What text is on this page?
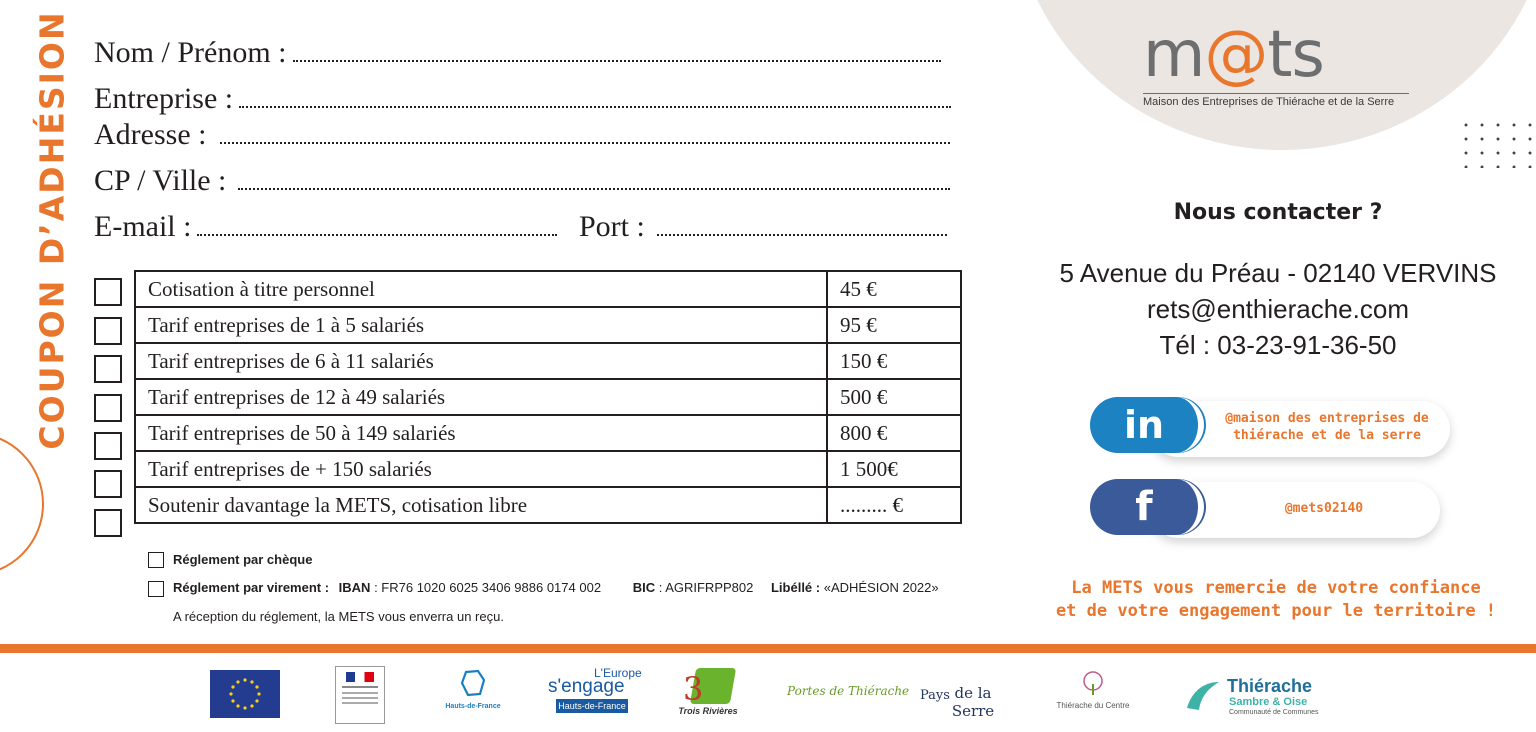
COUPON D’ADHÉSION Nom / Prénom :
Entreprise :
Adresse :
CP / Ville :
E-mail :	Port :
Cotisation à titre personnel	45 €
Tarif entreprises de 1 à 5 salariés	95 €
Tarif entreprises de 6 à 11 salariés	150 €
Tarif entreprises de 12 à 49 salariés	500 €
Tarif entreprises de 50 à 149 salariés	800 €
Tarif entreprises de + 150 salariés	1 500€
Soutenir davantage la METS, cotisation libre	......... €
Réglement par chèque
Réglement par virement : IBAN : FR76 1020 6025 3406 9886 0174 002 BIC : AGRIFRPP802 Libéllé : «ADHÉSION 2022»
A réception du réglement, la METS vous enverra un reçu.
m@ts
Maison des Entreprises de Thiérache et de la Serre
Nous contacter ?
5 Avenue du Préau - 02140 VERVINS
rets@enthierache.com
Tél : 03-23-91-36-50
in	@maison des entreprises de
thiérache et de la serre
f	@mets02140
La METS vous remercie de votre confiance
et de votre engagement pour le territoire !
Hauts-de-France
L'Europe
s'engage
Hauts-de-France 3
Trois Rivières
Portes de Thiérache Pays de la Serre	Thiérache du Centre
Thiérache
Sambre & Oise
Communauté de Communes
